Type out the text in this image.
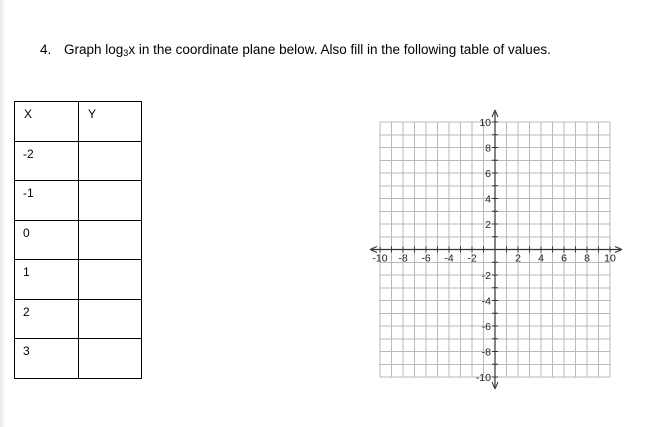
4. Graph $\log_3x$ in the coordinate plane below. Also fill in the following table of values.
X	Y
-2	
-1	
0	
1	
2	
3	
-10 -8 -6 -4 -2	2 4 6 8 10
10
8
6
4
2
-2
-4
-6
-8
-10
